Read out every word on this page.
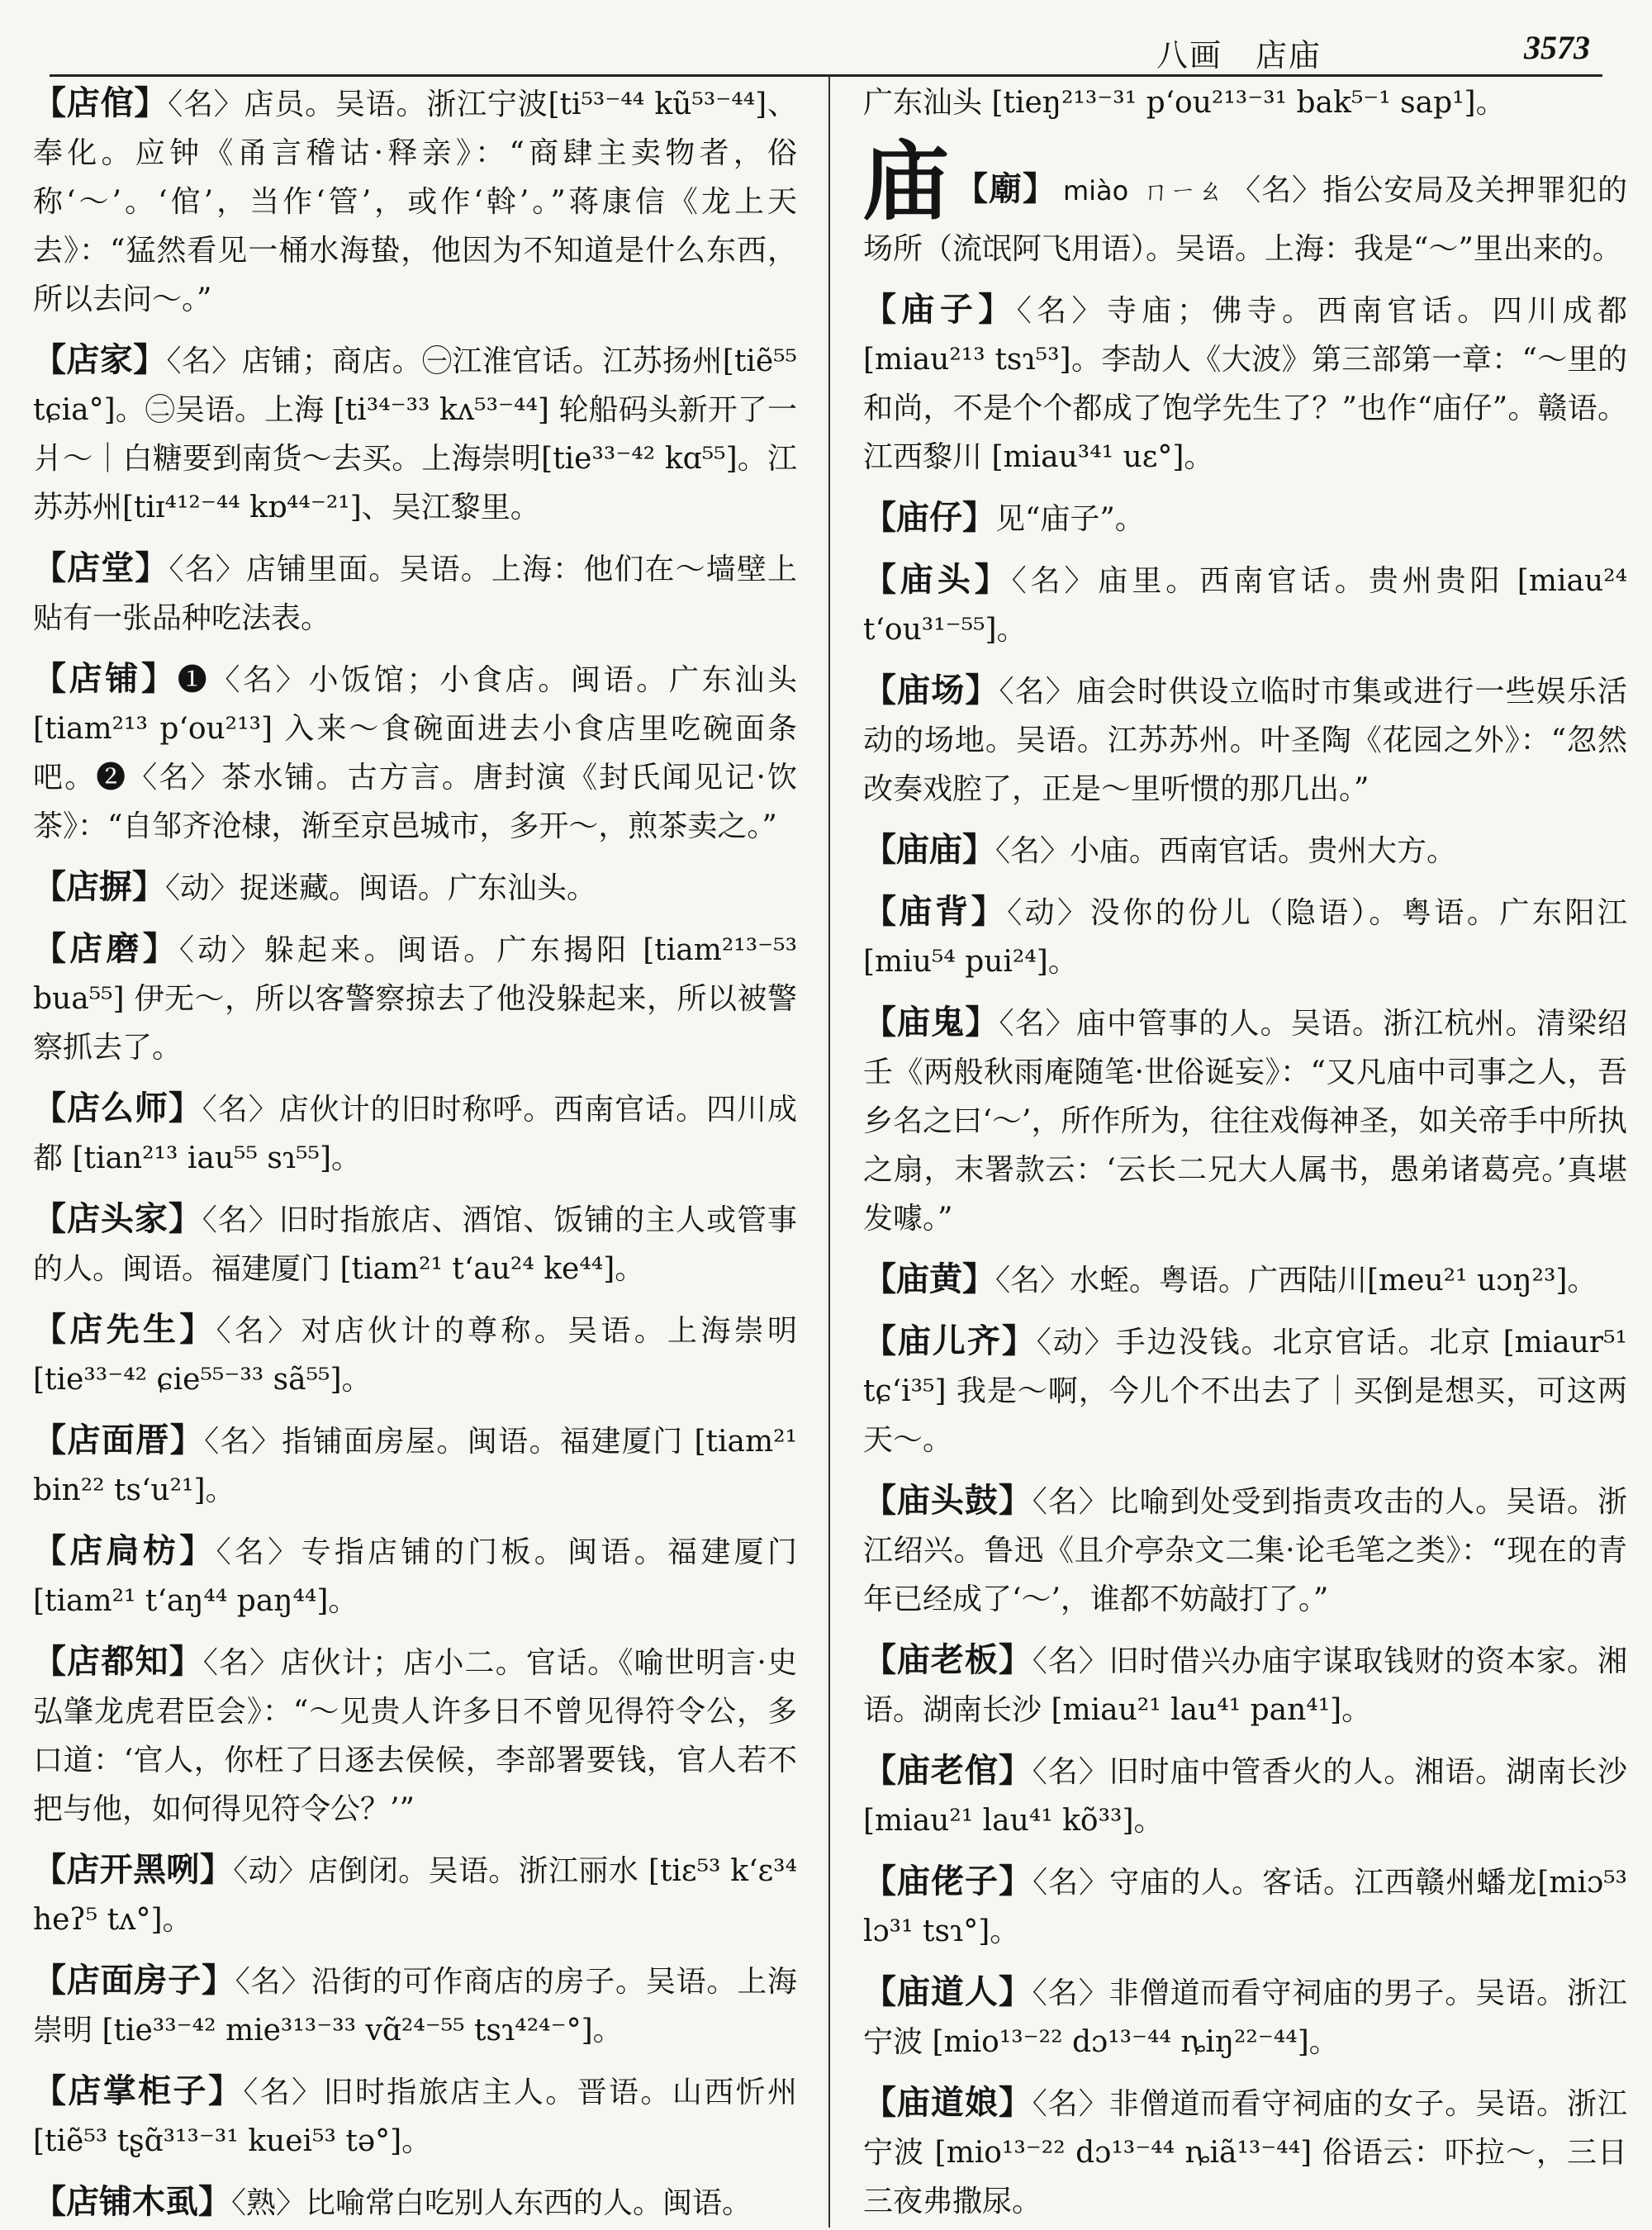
八画　店庙	3573
【店倌】〈名〉店员。吴语。浙江宁波[ti⁵³⁻⁴⁴ kũ⁵³⁻⁴⁴]、奉化。应钟《甬言稽诂·释亲》：“商肆主卖物者，俗称‘～’。‘倌’，当作‘管’，或作‘斡’。”蒋康信《龙上天去》：“猛然看见一桶水海蛰，他因为不知道是什么东西，所以去问～。”
【店家】〈名〉店铺；商店。㊀江淮官话。江苏扬州[tiẽ⁵⁵ tɕia°]。㊁吴语。上海 [ti³⁴⁻³³ kʌ⁵³⁻⁴⁴] 轮船码头新开了一爿～｜白糖要到南货～去买。上海崇明[tie³³⁻⁴² kɑ⁵⁵]。江苏苏州[tiɪ⁴¹²⁻⁴⁴ kɒ⁴⁴⁻²¹]、吴江黎里。
【店堂】〈名〉店铺里面。吴语。上海：他们在～墙壁上贴有一张品种吃法表。
【店铺】❶〈名〉小饭馆；小食店。闽语。广东汕头[tiam²¹³ p‘ou²¹³] 入来～食碗面进去小食店里吃碗面条吧。❷〈名〉茶水铺。古方言。唐封演《封氏闻见记·饮茶》：“自邹齐沧棣，渐至京邑城市，多开～，煎茶卖之。”
【店摒】〈动〉捉迷藏。闽语。广东汕头。
【店磨】〈动〉躲起来。闽语。广东揭阳 [tiam²¹³⁻⁵³ bua⁵⁵] 伊无～，所以客警察掠去了他没躲起来，所以被警察抓去了。
【店么师】〈名〉店伙计的旧时称呼。西南官话。四川成都 [tian²¹³ iau⁵⁵ sɿ⁵⁵]。
【店头家】〈名〉旧时指旅店、酒馆、饭铺的主人或管事的人。闽语。福建厦门 [tiam²¹ t‘au²⁴ ke⁴⁴]。
【店先生】〈名〉对店伙计的尊称。吴语。上海崇明[tie³³⁻⁴² ɕie⁵⁵⁻³³ sã⁵⁵]。
【店面厝】〈名〉指铺面房屋。闽语。福建厦门 [tiam²¹ bin²² ts‘u²¹]。
【店扃枋】〈名〉专指店铺的门板。闽语。福建厦门[tiam²¹ t‘aŋ⁴⁴ paŋ⁴⁴]。
【店都知】〈名〉店伙计；店小二。官话。《喻世明言·史弘肇龙虎君臣会》：“～见贵人许多日不曾见得符令公，多口道：‘官人，你枉了日逐去侯候，李部署要钱，官人若不把与他，如何得见符令公？’”
【店开黑咧】〈动〉店倒闭。吴语。浙江丽水 [tiɛ⁵³ k‘ɛ³⁴ heʔ⁵ tʌ°]。
【店面房子】〈名〉沿街的可作商店的房子。吴语。上海崇明 [tie³³⁻⁴² mie³¹³⁻³³ vɑ̃²⁴⁻⁵⁵ tsɿ⁴²⁴⁻°]。
【店掌柜子】〈名〉旧时指旅店主人。晋语。山西忻州[tiẽ⁵³ tʂɑ̃³¹³⁻³¹ kuei⁵³ tə°]。
【店铺木虱】〈熟〉比喻常白吃别人东西的人。闽语。
广东汕头 [tieŋ²¹³⁻³¹ p‘ou²¹³⁻³¹ bak⁵⁻¹ sap¹]。
庙 【廟】 miào ㄇㄧㄠ 〈名〉指公安局及关押罪犯的场所（流氓阿飞用语）。吴语。上海：我是“～”里出来的。
【庙子】〈名〉寺庙；佛寺。西南官话。四川成都[miau²¹³ tsɿ⁵³]。李劼人《大波》第三部第一章：“～里的和尚，不是个个都成了饱学先生了？”也作“庙仔”。赣语。江西黎川 [miau³⁴¹ uɛ°]。
【庙仔】见“庙子”。
【庙头】〈名〉庙里。西南官话。贵州贵阳 [miau²⁴ t‘ou³¹⁻⁵⁵]。
【庙场】〈名〉庙会时供设立临时市集或进行一些娱乐活动的场地。吴语。江苏苏州。叶圣陶《花园之外》：“忽然改奏戏腔了，正是～里听惯的那几出。”
【庙庙】〈名〉小庙。西南官话。贵州大方。
【庙背】〈动〉没你的份儿（隐语）。粤语。广东阳江[miu⁵⁴ pui²⁴]。
【庙鬼】〈名〉庙中管事的人。吴语。浙江杭州。清梁绍壬《两般秋雨庵随笔·世俗诞妄》：“又凡庙中司事之人，吾乡名之曰‘～’，所作所为，往往戏侮神圣，如关帝手中所执之扇，末署款云：‘云长二兄大人属书，愚弟诸葛亮。’真堪发噱。”
【庙黄】〈名〉水蛭。粤语。广西陆川[meu²¹ uɔŋ²³]。
【庙儿齐】〈动〉手边没钱。北京官话。北京 [miaur⁵¹ tɕ‘i³⁵] 我是～啊，今儿个不出去了｜买倒是想买，可这两天～。
【庙头鼓】〈名〉比喻到处受到指责攻击的人。吴语。浙江绍兴。鲁迅《且介亭杂文二集·论毛笔之类》：“现在的青年已经成了‘～’，谁都不妨敲打了。”
【庙老板】〈名〉旧时借兴办庙宇谋取钱财的资本家。湘语。湖南长沙 [miau²¹ lau⁴¹ pan⁴¹]。
【庙老倌】〈名〉旧时庙中管香火的人。湘语。湖南长沙 [miau²¹ lau⁴¹ kõ³³]。
【庙佬子】〈名〉守庙的人。客话。江西赣州蟠龙[miɔ⁵³ lɔ³¹ tsɿ°]。
【庙道人】〈名〉非僧道而看守祠庙的男子。吴语。浙江宁波 [mio¹³⁻²² dɔ¹³⁻⁴⁴ ȵiŋ²²⁻⁴⁴]。
【庙道娘】〈名〉非僧道而看守祠庙的女子。吴语。浙江宁波 [mio¹³⁻²² dɔ¹³⁻⁴⁴ ȵiã¹³⁻⁴⁴] 俗语云：吓拉～，三日三夜弗撒尿。
